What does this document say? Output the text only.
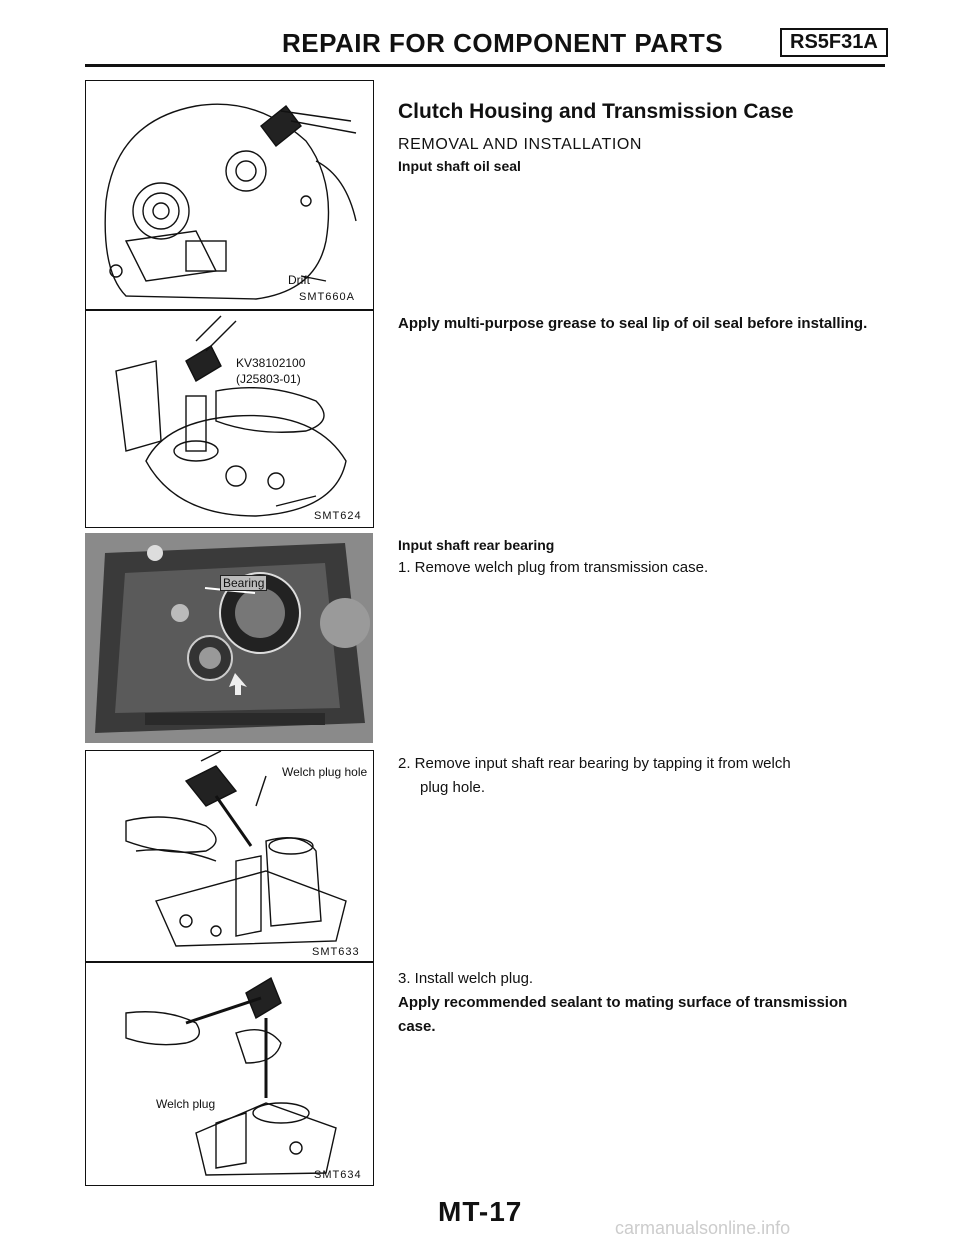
REPAIR FOR COMPONENT PARTS	RS5F31A
Drift
SMT660A
KV38102100
(J25803-01)
SMT624
Bearing
Welch plug hole
SMT633
Welch plug
SMT634
Clutch Housing and Transmission Case
REMOVAL AND INSTALLATION
Input shaft oil seal
Apply multi-purpose grease to seal lip of oil seal before installing.
Input shaft rear bearing
1. Remove welch plug from transmission case.
2. Remove input shaft rear bearing by tapping it from welch
plug hole.
3. Install welch plug.
Apply recommended sealant to mating surface of transmission
case.
MT-17
carmanualsonline.info
